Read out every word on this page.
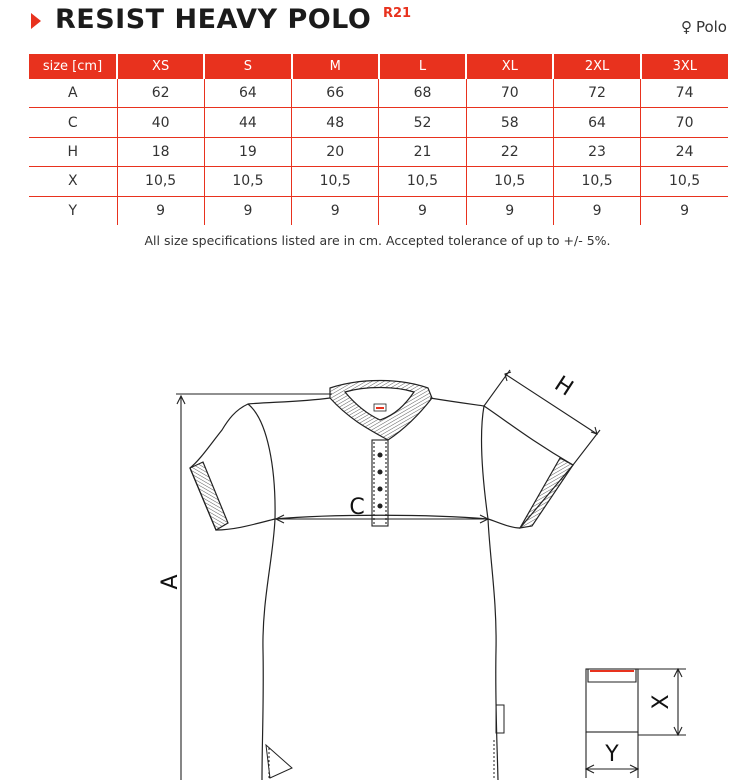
RESIST HEAVY POLO R21
♀ Polo
size [cm]	XS	S	M	L	XL	2XL	3XL
A	62	64	66	68	70	72	74
C	40	44	48	52	58	64	70
H	18	19	20	21	22	23	24
X	10,5	10,5	10,5	10,5	10,5	10,5	10,5
Y	9	9	9	9	9	9	9
All size specifications listed are in cm. Accepted tolerance of up to +/- 5%.
A
C
H
X
Y
